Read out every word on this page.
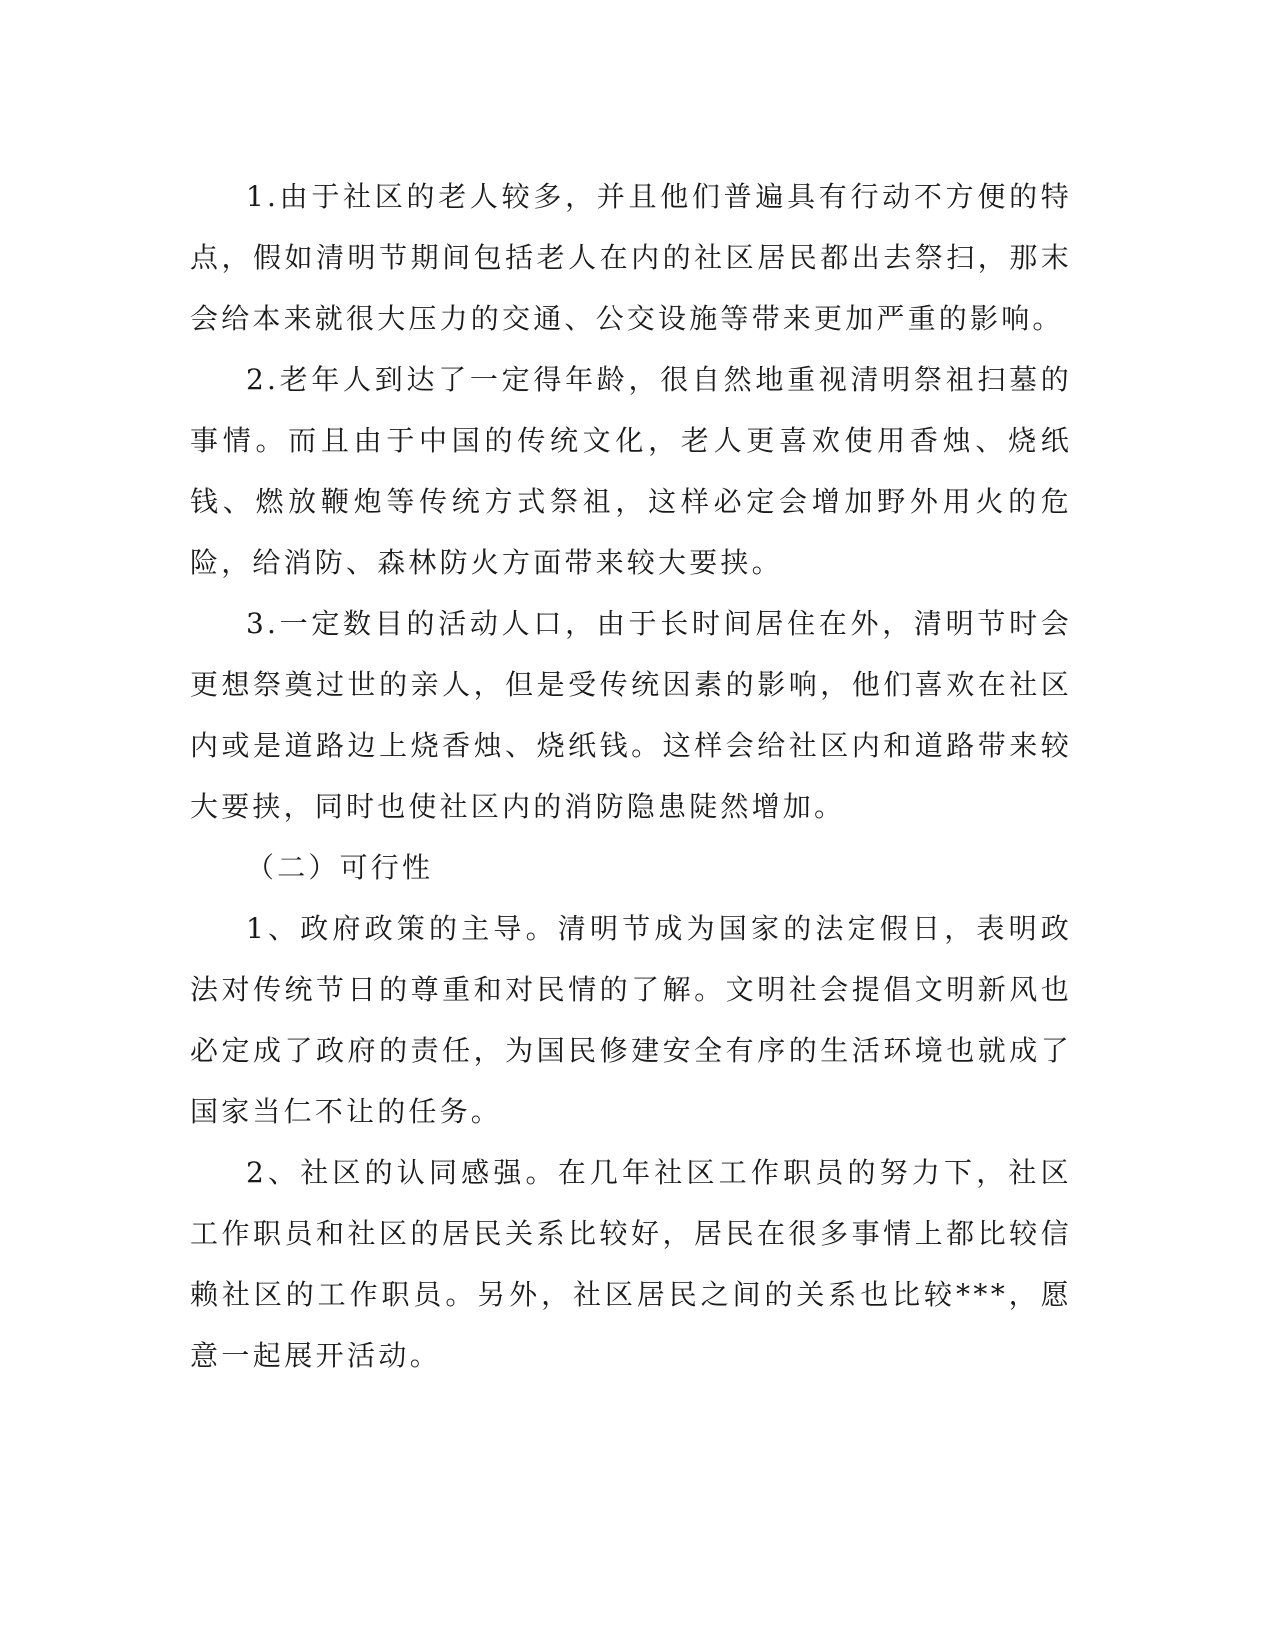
1.由于社区的老人较多，并且他们普遍具有行动不方便的特点，假如清明节期间包括老人在内的社区居民都出去祭扫，那末会给本来就很大压力的交通、公交设施等带来更加严重的影响。

2.老年人到达了一定得年龄，很自然地重视清明祭祖扫墓的事情。而且由于中国的传统文化，老人更喜欢使用香烛、烧纸钱、燃放鞭炮等传统方式祭祖，这样必定会增加野外用火的危险，给消防、森林防火方面带来较大要挟。

3.一定数目的活动人口，由于长时间居住在外，清明节时会更想祭奠过世的亲人，但是受传统因素的影响，他们喜欢在社区内或是道路边上烧香烛、烧纸钱。这样会给社区内和道路带来较大要挟，同时也使社区内的消防隐患陡然增加。

（二）可行性

1、政府政策的主导。清明节成为国家的法定假日，表明政法对传统节日的尊重和对民情的了解。文明社会提倡文明新风也必定成了政府的责任，为国民修建安全有序的生活环境也就成了国家当仁不让的任务。

2、社区的认同感强。在几年社区工作职员的努力下，社区工作职员和社区的居民关系比较好，居民在很多事情上都比较信赖社区的工作职员。另外，社区居民之间的关系也比较***，愿意一起展开活动。
